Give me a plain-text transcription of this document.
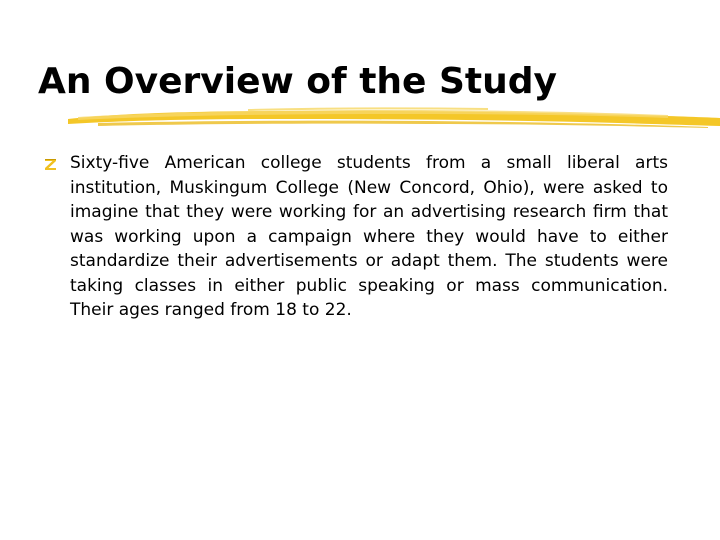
An Overview of the Study

Sixty-five American college students from a small liberal arts institution, Muskingum College (New Concord, Ohio), were asked to imagine that they were working for an advertising research firm that was working upon a campaign where they would have to either standardize their advertisements or adapt them. The students were taking classes in either public speaking or mass communication. Their ages ranged from 18 to 22.
